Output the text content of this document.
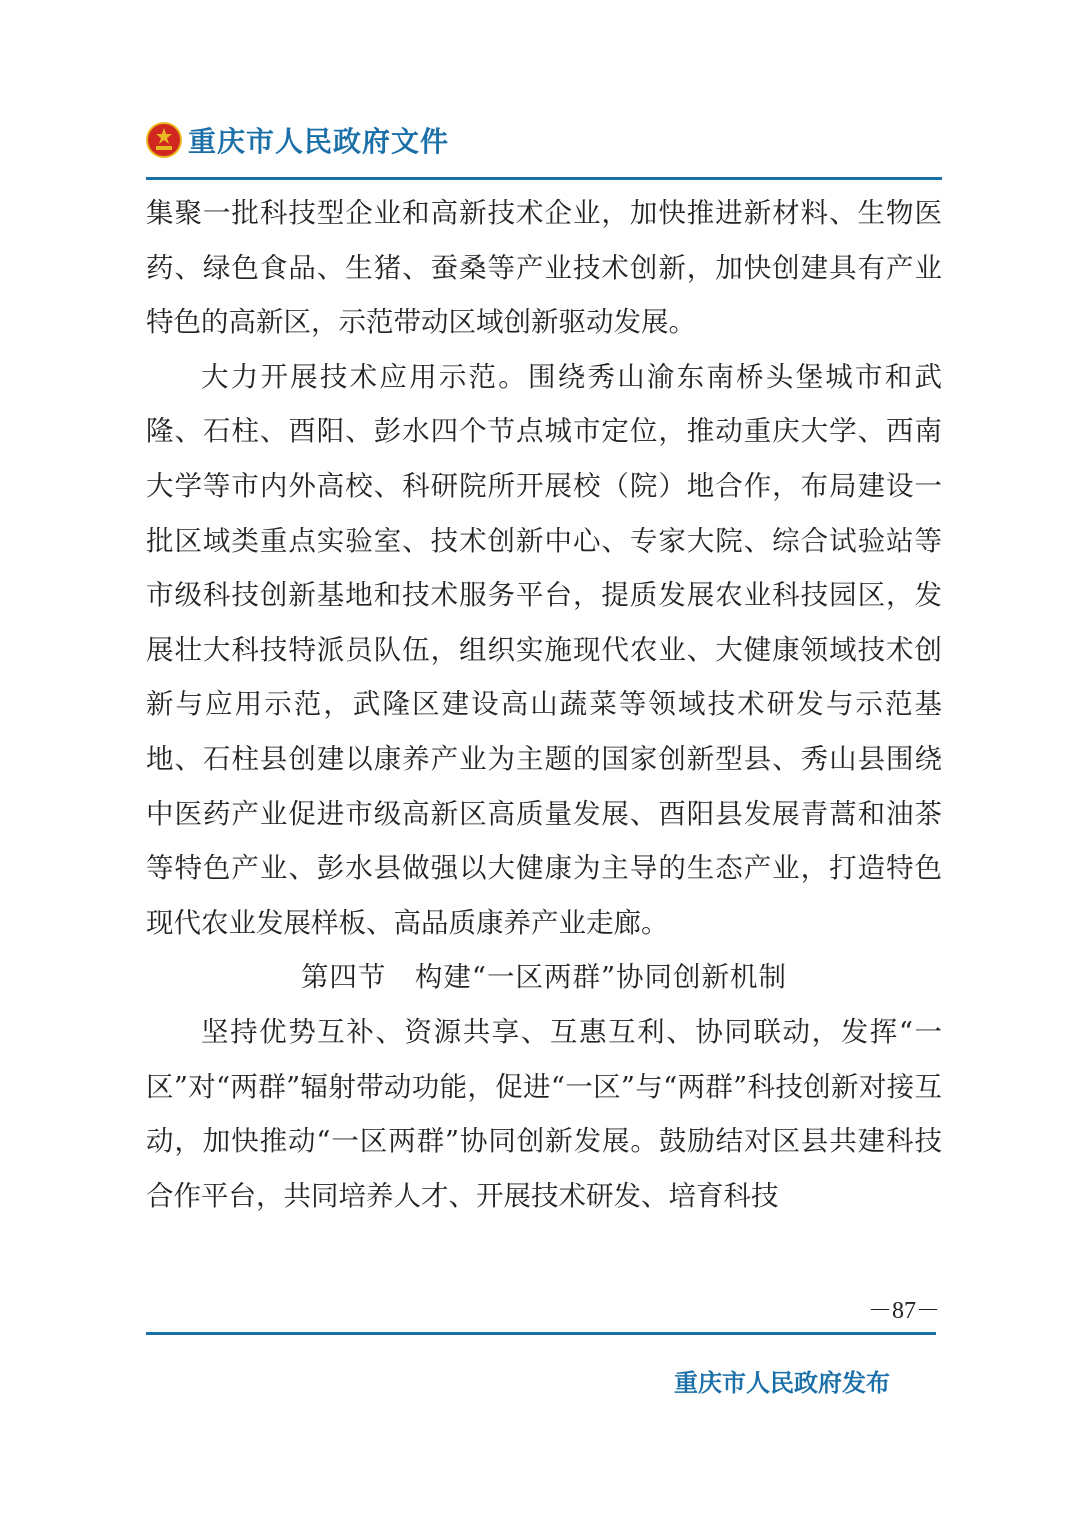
重庆市人民政府文件

集聚一批科技型企业和高新技术企业，加快推进新材料、生物医药、绿色食品、生猪、蚕桑等产业技术创新，加快创建具有产业特色的高新区，示范带动区域创新驱动发展。

大力开展技术应用示范。围绕秀山渝东南桥头堡城市和武隆、石柱、酉阳、彭水四个节点城市定位，推动重庆大学、西南大学等市内外高校、科研院所开展校（院）地合作，布局建设一批区域类重点实验室、技术创新中心、专家大院、综合试验站等市级科技创新基地和技术服务平台，提质发展农业科技园区，发展壮大科技特派员队伍，组织实施现代农业、大健康领域技术创新与应用示范，武隆区建设高山蔬菜等领域技术研发与示范基地、石柱县创建以康养产业为主题的国家创新型县、秀山县围绕中医药产业促进市级高新区高质量发展、酉阳县发展青蒿和油茶等特色产业、彭水县做强以大健康为主导的生态产业，打造特色现代农业发展样板、高品质康养产业走廊。

第四节　构建“一区两群”协同创新机制

坚持优势互补、资源共享、互惠互利、协同联动，发挥“一区”对“两群”辐射带动功能，促进“一区”与“两群”科技创新对接互动，加快推动“一区两群”协同创新发展。鼓励结对区县共建科技合作平台，共同培养人才、开展技术研发、培育科技

－87－
重庆市人民政府发布
